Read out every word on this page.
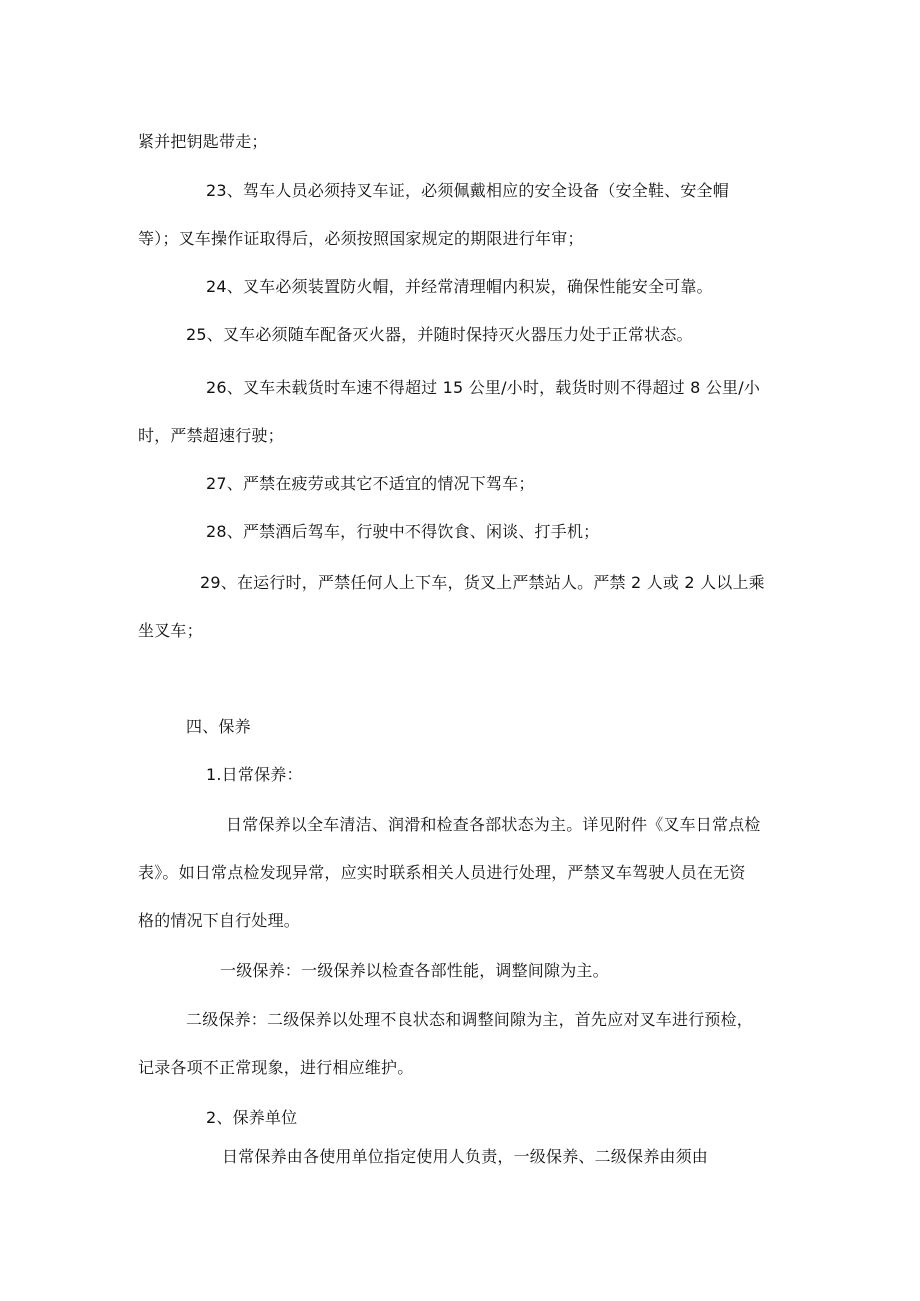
紧并把钥匙带走；

23、驾车人员必须持叉车证，必须佩戴相应的安全设备（安全鞋、安全帽

等）；叉车操作证取得后，必须按照国家规定的期限进行年审；

24、叉车必须装置防火帽，并经常清理帽内积炭，确保性能安全可靠。

25、叉车必须随车配备灭火器，并随时保持灭火器压力处于正常状态。

26、叉车未载货时车速不得超过 15 公里/小时，载货时则不得超过 8 公里/小

时，严禁超速行驶；

27、严禁在疲劳或其它不适宜的情况下驾车；

28、严禁酒后驾车，行驶中不得饮食、闲谈、打手机；

29、在运行时，严禁任何人上下车，货叉上严禁站人。严禁 2 人或 2 人以上乘

坐叉车；

四、保养

1.日常保养：

日常保养以全车清洁、润滑和检查各部状态为主。详见附件《叉车日常点检

表》。如日常点检发现异常，应实时联系相关人员进行处理，严禁叉车驾驶人员在无资

格的情况下自行处理。

一级保养：一级保养以检查各部性能，调整间隙为主。

二级保养：二级保养以处理不良状态和调整间隙为主，首先应对叉车进行预检，

记录各项不正常现象，进行相应维护。

2、保养单位

日常保养由各使用单位指定使用人负责，一级保养、二级保养由须由
